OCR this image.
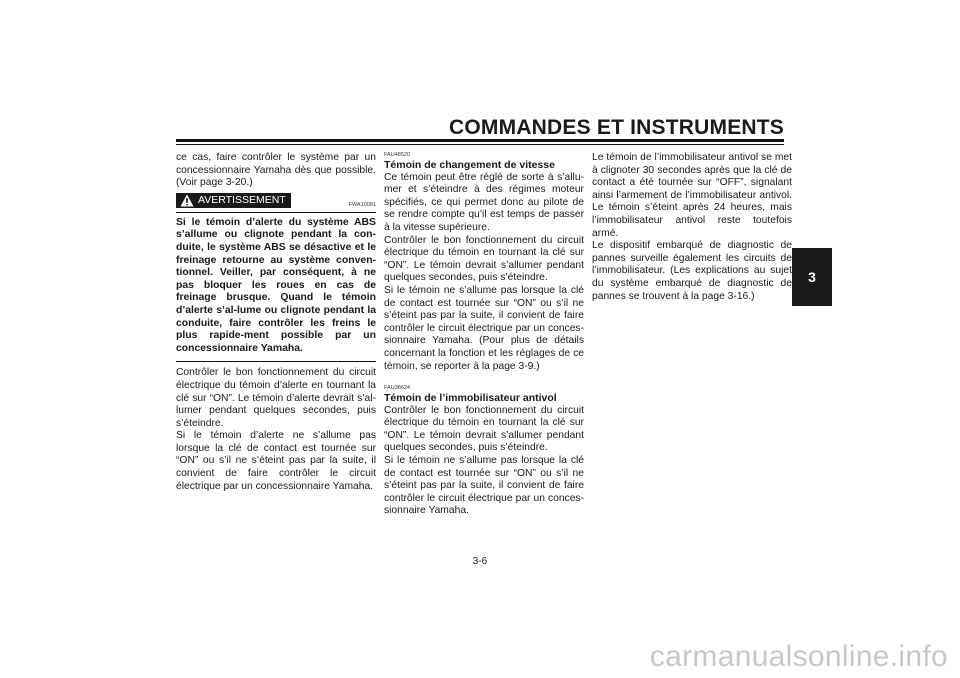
COMMANDES ET INSTRUMENTS
3

ce cas, faire contrôler le système par un concessionnaire Yamaha dès que possible. (Voir page 3-20.)

AVERTISSEMENT	FWA10081

Si le témoin d’alerte du système ABS s’allume ou clignote pendant la con-duite, le système ABS se désactive et le freinage retourne au système conven-tionnel. Veiller, par conséquent, à ne pas bloquer les roues en cas de freinage brusque. Quand le témoin d’alerte s’al-lume ou clignote pendant la conduite, faire contrôler les freins le plus rapide-ment possible par un concessionnaire Yamaha.

Contrôler le bon fonctionnement du circuit électrique du témoin d’alerte en tournant la clé sur “ON”. Le témoin d’alerte devrait s’al-lumer pendant quelques secondes, puis s’éteindre.

Si le témoin d’alerte ne s’allume pas lorsque la clé de contact est tournée sur “ON” ou s’il ne s’éteint pas par la suite, il convient de faire contrôler le circuit électrique par un concessionnaire Yamaha.

FAU48520

Témoin de changement de vitesse

Ce témoin peut être réglé de sorte à s’allu-mer et s’éteindre à des régimes moteur spécifiés, ce qui permet donc au pilote de se rendre compte qu’il est temps de passer à la vitesse supérieure.

Contrôler le bon fonctionnement du circuit électrique du témoin en tournant la clé sur “ON”. Le témoin devrait s’allumer pendant quelques secondes, puis s’éteindre.

Si le témoin ne s’allume pas lorsque la clé de contact est tournée sur “ON” ou s’il ne s’éteint pas par la suite, il convient de faire contrôler le circuit électrique par un conces-sionnaire Yamaha. (Pour plus de détails concernant la fonction et les réglages de ce témoin, se reporter à la page 3-9.)

FAU38624

Témoin de l’immobilisateur antivol

Contrôler le bon fonctionnement du circuit électrique du témoin en tournant la clé sur “ON”. Le témoin devrait s’allumer pendant quelques secondes, puis s’éteindre.

Si le témoin ne s’allume pas lorsque la clé de contact est tournée sur “ON” ou s’il ne s’éteint pas par la suite, il convient de faire contrôler le circuit électrique par un conces-sionnaire Yamaha.

Le témoin de l’immobilisateur antivol se met à clignoter 30 secondes après que la clé de contact a été tournée sur “OFF”, signalant ainsi l’armement de l’immobilisateur antivol. Le témoin s’éteint après 24 heures, mais l’immobilisateur antivol reste toutefois armé.

Le dispositif embarqué de diagnostic de pannes surveille également les circuits de l’immobilisateur. (Les explications au sujet du système embarqué de diagnostic de pannes se trouvent à la page 3-16.)

3-6

carmanualsonline.info
